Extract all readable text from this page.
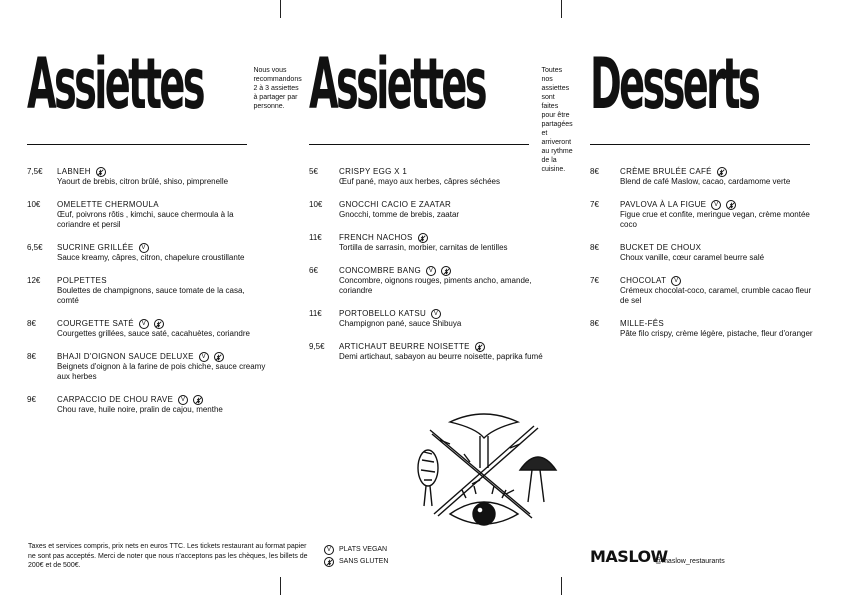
Assiettes	Nous vous recommandons 2 à 3 assiettes à partager par personne.
7,5€	LABNEH
Yaourt de brebis, citron brûlé, shiso, pimprenelle
10€	OMELETTE CHERMOULA
Œuf, poivrons rôtis , kimchi, sauce chermoula à la coriandre et persil
6,5€	SUCRINE GRILLÉE	V
Sauce kreamy, câpres, citron, chapelure croustillante
12€	POLPETTES
Boulettes de champignons, sauce tomate de la casa, comté
8€	COURGETTE SATÉ	V
Courgettes grillées, sauce saté, cacahuètes, coriandre
8€	BHAJI D'OIGNON SAUCE DELUXE	V
Beignets d'oignon à la farine de pois chiche, sauce creamy aux herbes
9€	CARPACCIO DE CHOU RAVE	V
Chou rave, huile noire, pralin de cajou, menthe
Assiettes	Toutes nos assiettes sont faites pour être partagées et arriveront au rythme de la cuisine.
5€	CRISPY EGG X 1
Œuf pané, mayo aux herbes, câpres séchées
10€	GNOCCHI CACIO E ZAATAR
Gnocchi, tomme de brebis, zaatar
11€	FRENCH NACHOS
Tortilla de sarrasin, morbier, carnitas de lentilles
6€	CONCOMBRE BANG	V
Concombre, oignons rouges, piments ancho, amande, coriandre
11€	PORTOBELLO KATSU	V
Champignon pané, sauce Shibuya
9,5€	ARTICHAUT BEURRE NOISETTE
Demi artichaut, sabayon au beurre noisette, paprika fumé
Desserts
8€	CRÈME BRULÉE CAFÉ
Blend de café Maslow, cacao, cardamome verte
7€	PAVLOVA À LA FIGUE	V
Figue crue et confite, meringue vegan, crème montée coco
8€	BUCKET DE CHOUX
Choux vanille, cœur caramel beurre salé
7€	CHOCOLAT	V
Crémeux chocolat-coco, caramel, crumble cacao fleur de sel
8€	MILLE-FÊS
Pâte filo crispy, crème légère, pistache, fleur d'oranger
Taxes et services compris, prix nets en euros TTC. Les tickets restaurant au format papier ne sont pas acceptés. Merci de noter que nous n'acceptons pas les chèques, les billets de 200€ et de 500€.
V	PLATS VEGAN
SANS GLUTEN	MASLOW
@maslow_restaurants
